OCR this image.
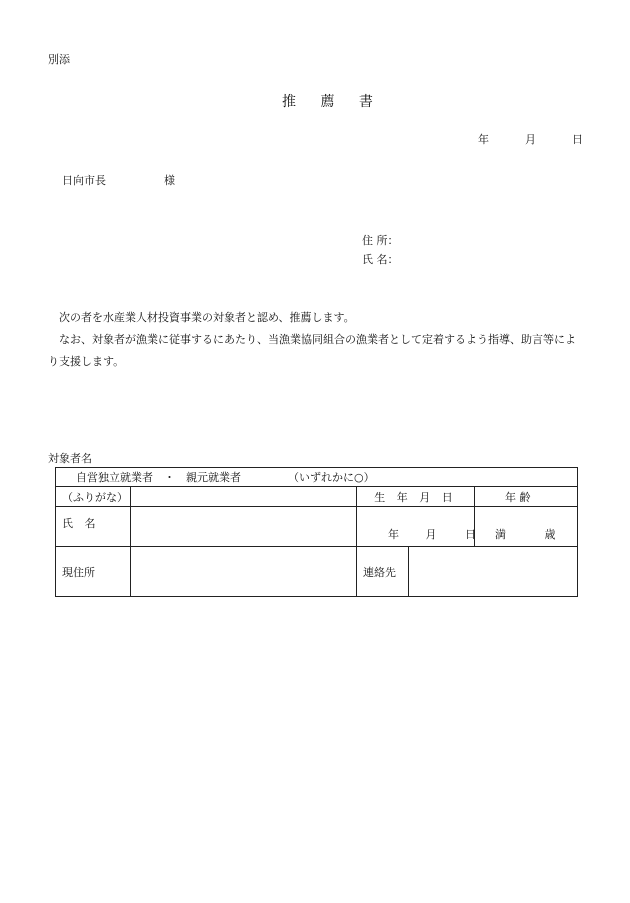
別添
推 薦 書
年	月	日
日向市長	様
住 所：
氏 名：
次の者を水産業人材投資事業の対象者と認め、推薦します。
なお、対象者が漁業に従事するにあたり、当漁業協同組合の漁業者として定着するよう指導、助言等により支援します。
対象者名
自営独立就業者 ・ 親元就業者 （いずれかに○）				
（ふりがな）		生 年 月 日		年 齢
氏 名		年 月 日		満 歳
現住所		連絡先		
